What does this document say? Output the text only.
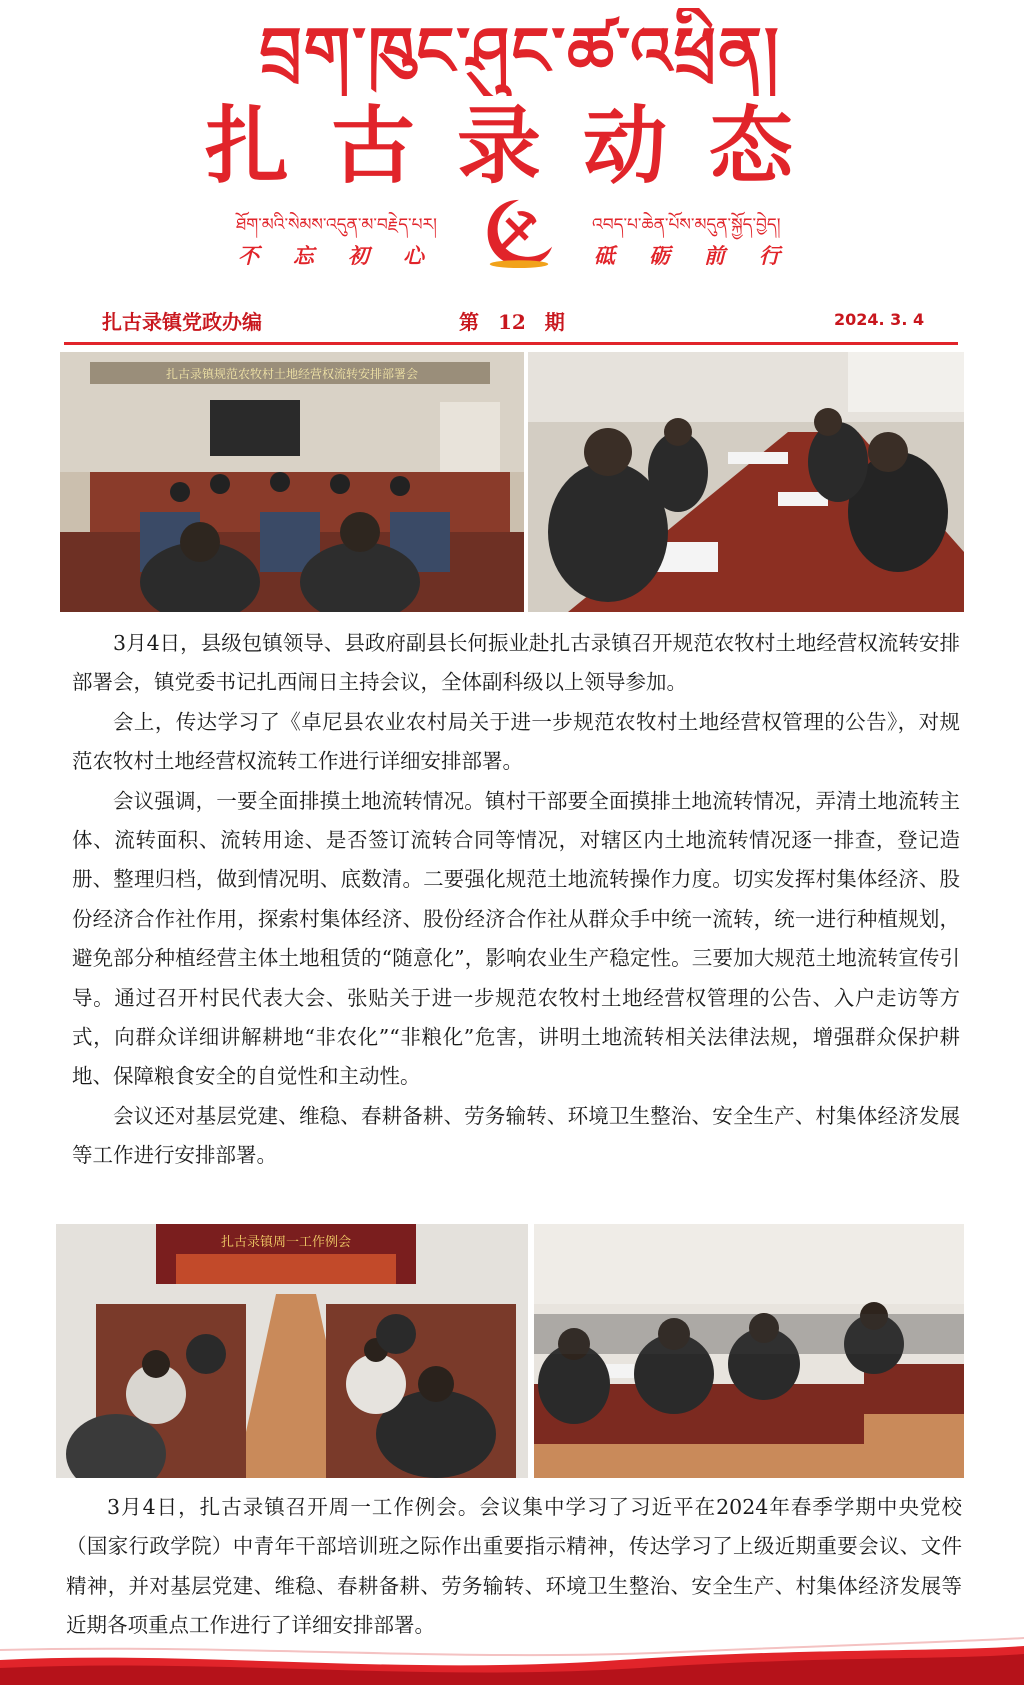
བྲག་ཁུང་ཤུང་ཚ་འཕྲིན།
扎古录动态
ཐོག་མའི་སེམས་འདུན་མ་བརྗེད་པར།
不忘初心
འབད་པ་ཆེན་པོས་མདུན་སྐྱོད་བྱེད།
砥砺前行
扎古录镇党政办编	第 12 期	2024. 3. 4
扎古录镇规范农牧村土地经营权流转安排部署会

3月4日，县级包镇领导、县政府副县长何振业赴扎古录镇召开规范农牧村土地经营权流转安排部署会，镇党委书记扎西闹日主持会议，全体副科级以上领导参加。

会上，传达学习了《卓尼县农业农村局关于进一步规范农牧村土地经营权管理的公告》，对规范农牧村土地经营权流转工作进行详细安排部署。

会议强调，一要全面排摸土地流转情况。镇村干部要全面摸排土地流转情况，弄清土地流转主体、流转面积、流转用途、是否签订流转合同等情况，对辖区内土地流转情况逐一排查，登记造册、整理归档，做到情况明、底数清。二要强化规范土地流转操作力度。切实发挥村集体经济、股份经济合作社作用，探索村集体经济、股份经济合作社从群众手中统一流转，统一进行种植规划，避免部分种植经营主体土地租赁的“随意化”，影响农业生产稳定性。三要加大规范土地流转宣传引导。通过召开村民代表大会、张贴关于进一步规范农牧村土地经营权管理的公告、入户走访等方式，向群众详细讲解耕地“非农化”“非粮化”危害，讲明土地流转相关法律法规，增强群众保护耕地、保障粮食安全的自觉性和主动性。

会议还对基层党建、维稳、春耕备耕、劳务输转、环境卫生整治、安全生产、村集体经济发展等工作进行安排部署。

扎古录镇周一工作例会

3月4日，扎古录镇召开周一工作例会。会议集中学习了习近平在2024年春季学期中央党校（国家行政学院）中青年干部培训班之际作出重要指示精神，传达学习了上级近期重要会议、文件精神，并对基层党建、维稳、春耕备耕、劳务输转、环境卫生整治、安全生产、村集体经济发展等近期各项重点工作进行了详细安排部署。
